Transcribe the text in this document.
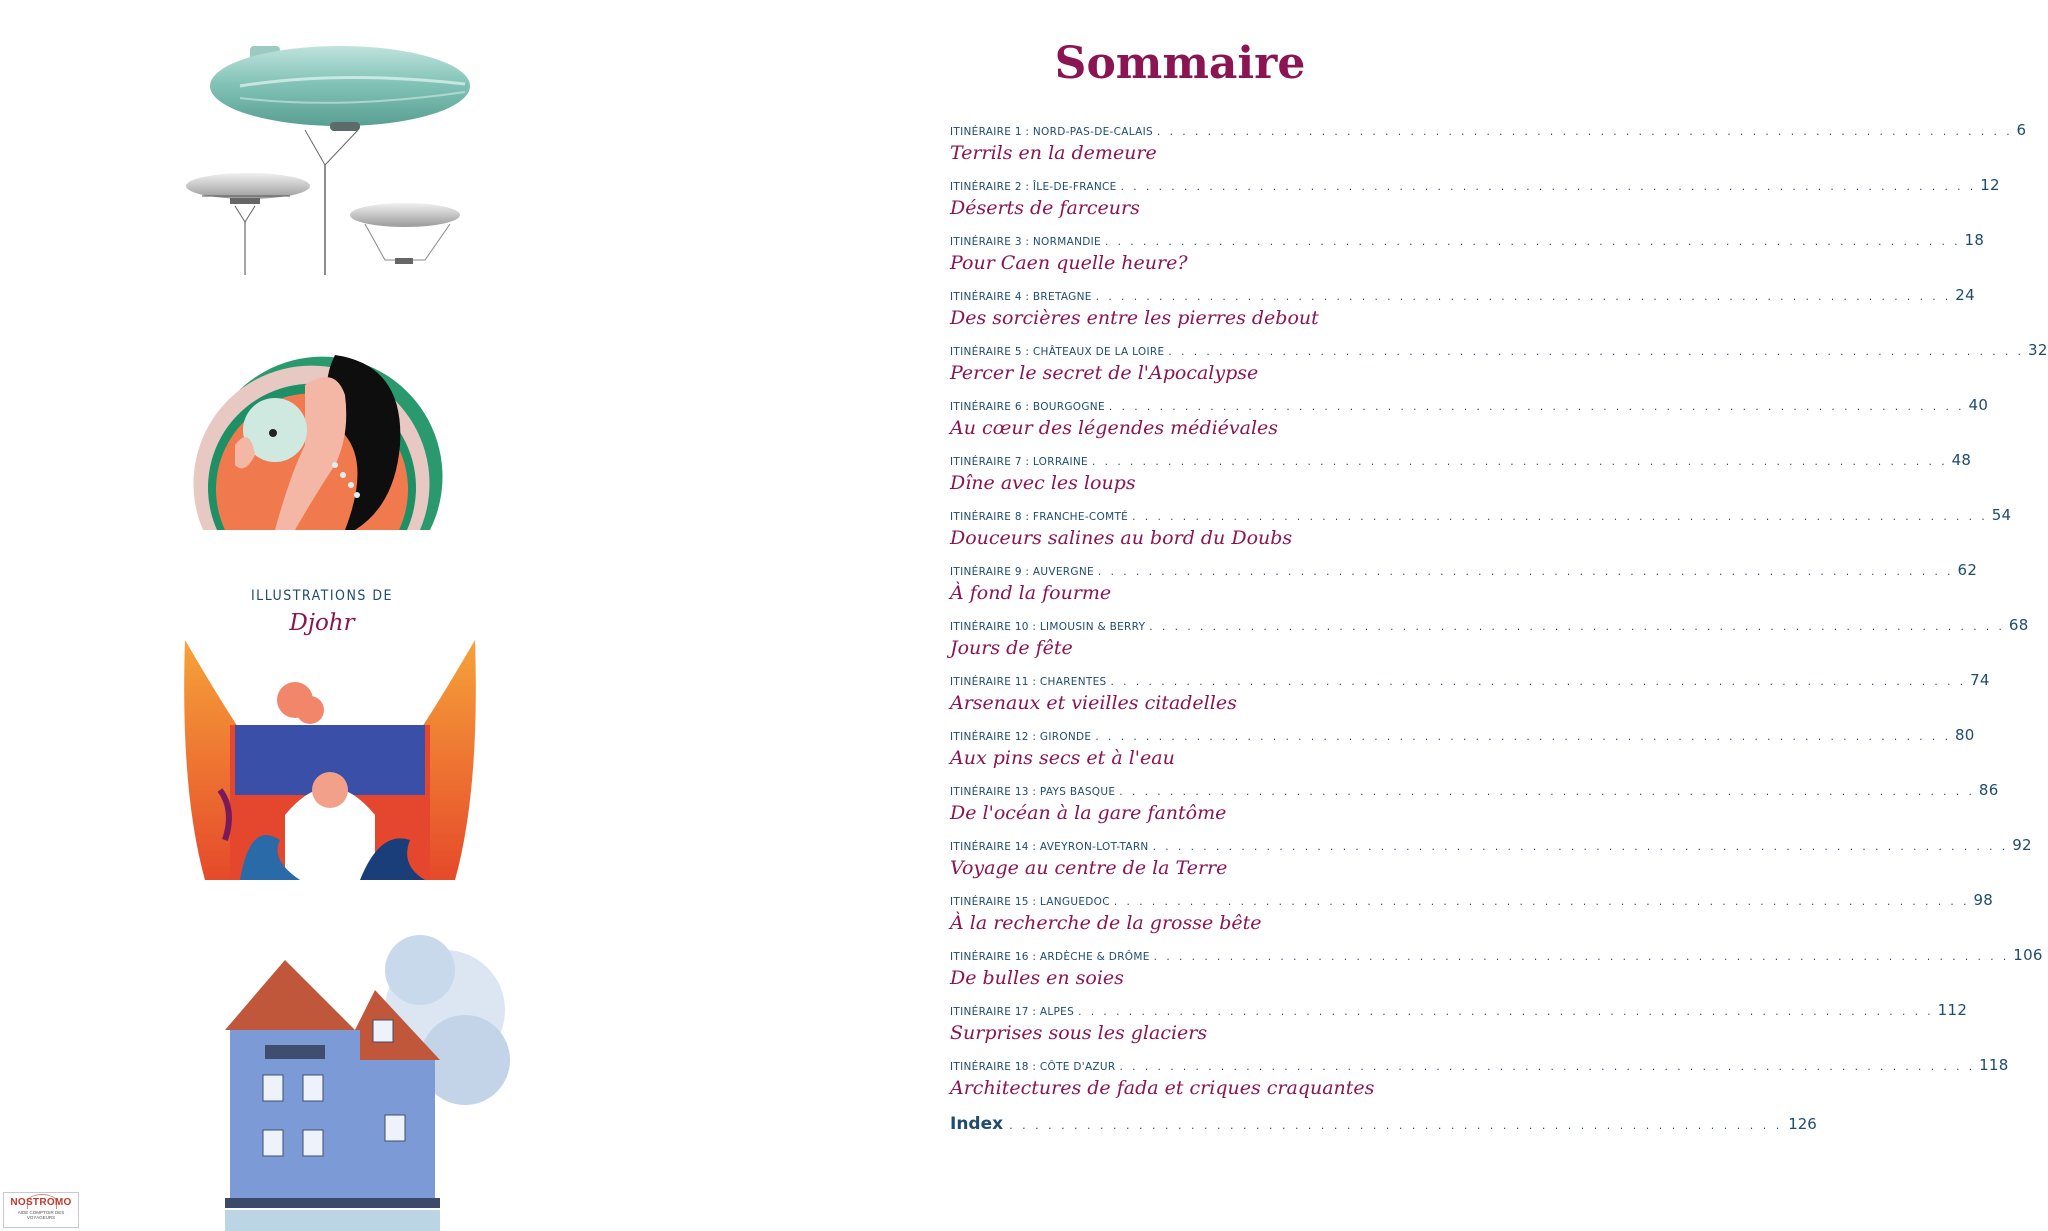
ILLUSTRATIONS DE
Djohr
NOSTROMO
AIDE COMPTOIR DES VOYAGEURS
Sommaire
ITINÉRAIRE 1 : NORD-PAS-DE-CALAIS . . . . . . . . . . . . . . . . . . . . . . . . . . . . . . . . . . . . . . . . . . . . . . . . . . . . . . . . . . . . . . . . . . . . 6
Terrils en la demeure
ITINÉRAIRE 2 : ÎLE-DE-FRANCE . . . . . . . . . . . . . . . . . . . . . . . . . . . . . . . . . . . . . . . . . . . . . . . . . . . . . . . . . . . . . . . . . . . . 12
Déserts de farceurs
ITINÉRAIRE 3 : NORMANDIE . . . . . . . . . . . . . . . . . . . . . . . . . . . . . . . . . . . . . . . . . . . . . . . . . . . . . . . . . . . . . . . . . . . . 18
Pour Caen quelle heure?
ITINÉRAIRE 4 : BRETAGNE . . . . . . . . . . . . . . . . . . . . . . . . . . . . . . . . . . . . . . . . . . . . . . . . . . . . . . . . . . . . . . . . . . . . 24
Des sorcières entre les pierres debout
ITINÉRAIRE 5 : CHÂTEAUX DE LA LOIRE . . . . . . . . . . . . . . . . . . . . . . . . . . . . . . . . . . . . . . . . . . . . . . . . . . . . . . . . . . . . . . . . . . . . 32
Percer le secret de l'Apocalypse
ITINÉRAIRE 6 : BOURGOGNE . . . . . . . . . . . . . . . . . . . . . . . . . . . . . . . . . . . . . . . . . . . . . . . . . . . . . . . . . . . . . . . . . . . . 40
Au cœur des légendes médiévales
ITINÉRAIRE 7 : LORRAINE . . . . . . . . . . . . . . . . . . . . . . . . . . . . . . . . . . . . . . . . . . . . . . . . . . . . . . . . . . . . . . . . . . . . 48
Dîne avec les loups
ITINÉRAIRE 8 : FRANCHE-COMTÉ . . . . . . . . . . . . . . . . . . . . . . . . . . . . . . . . . . . . . . . . . . . . . . . . . . . . . . . . . . . . . . . . . . . . 54
Douceurs salines au bord du Doubs
ITINÉRAIRE 9 : AUVERGNE . . . . . . . . . . . . . . . . . . . . . . . . . . . . . . . . . . . . . . . . . . . . . . . . . . . . . . . . . . . . . . . . . . . . 62
À fond la fourme
ITINÉRAIRE 10 : LIMOUSIN & BERRY . . . . . . . . . . . . . . . . . . . . . . . . . . . . . . . . . . . . . . . . . . . . . . . . . . . . . . . . . . . . . . . . . . . . 68
Jours de fête
ITINÉRAIRE 11 : CHARENTES . . . . . . . . . . . . . . . . . . . . . . . . . . . . . . . . . . . . . . . . . . . . . . . . . . . . . . . . . . . . . . . . . . . . 74
Arsenaux et vieilles citadelles
ITINÉRAIRE 12 : GIRONDE . . . . . . . . . . . . . . . . . . . . . . . . . . . . . . . . . . . . . . . . . . . . . . . . . . . . . . . . . . . . . . . . . . . . 80
Aux pins secs et à l'eau
ITINÉRAIRE 13 : PAYS BASQUE . . . . . . . . . . . . . . . . . . . . . . . . . . . . . . . . . . . . . . . . . . . . . . . . . . . . . . . . . . . . . . . . . . . . 86
De l'océan à la gare fantôme
ITINÉRAIRE 14 : AVEYRON-LOT-TARN . . . . . . . . . . . . . . . . . . . . . . . . . . . . . . . . . . . . . . . . . . . . . . . . . . . . . . . . . . . . . . . . . . . . 92
Voyage au centre de la Terre
ITINÉRAIRE 15 : LANGUEDOC . . . . . . . . . . . . . . . . . . . . . . . . . . . . . . . . . . . . . . . . . . . . . . . . . . . . . . . . . . . . . . . . . . . . 98
À la recherche de la grosse bête
ITINÉRAIRE 16 : ARDÈCHE & DRÔME . . . . . . . . . . . . . . . . . . . . . . . . . . . . . . . . . . . . . . . . . . . . . . . . . . . . . . . . . . . . . . . . . . . . 106
De bulles en soies
ITINÉRAIRE 17 : ALPES . . . . . . . . . . . . . . . . . . . . . . . . . . . . . . . . . . . . . . . . . . . . . . . . . . . . . . . . . . . . . . . . . . . . 112
Surprises sous les glaciers
ITINÉRAIRE 18 : CÔTE D'AZUR . . . . . . . . . . . . . . . . . . . . . . . . . . . . . . . . . . . . . . . . . . . . . . . . . . . . . . . . . . . . . . . . . . . . 118
Architectures de fada et criques craquantes
Index . . . . . . . . . . . . . . . . . . . . . . . . . . . . . . . . . . . . . . . . . . . . . . . . . . . . . . . . . . . . 126
